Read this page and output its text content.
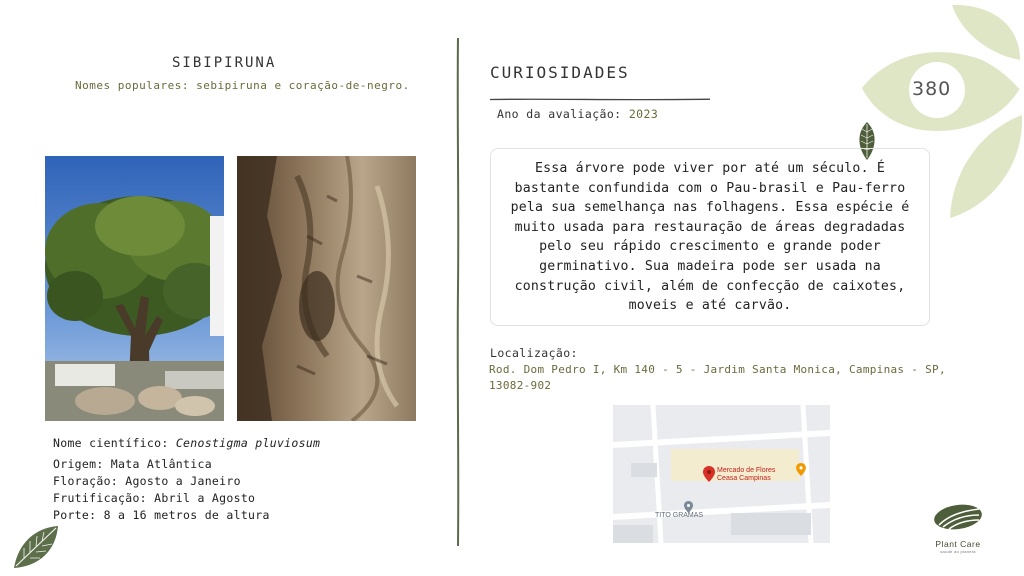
SIBIPIRUNA
Nomes populares: sebipiruna e coração-de-negro.
Nome científico: Cenostigma pluviosum
Origem: Mata Atlântica
Floração: Agosto a Janeiro
Frutificação: Abril a Agosto
Porte: 8 a 16 metros de altura
CURIOSIDADES
Ano da avaliação: 2023
Essa árvore pode viver por até um século. É bastante confundida com o Pau-brasil e Pau-ferro pela sua semelhança nas folhagens. Essa espécie é muito usada para restauração de áreas degradadas pelo seu rápido crescimento e grande poder germinativo. Sua madeira pode ser usada na construção civil, além de confecção de caixotes, moveis e até carvão.
Localização:
Rod. Dom Pedro I, Km 140 - 5 - Jardim Santa Monica, Campinas - SP, 13082-902
Mercado de Flores
Ceasa Campinas
TITO GRAMAS
380
Plant Care
saúde ao planeta
